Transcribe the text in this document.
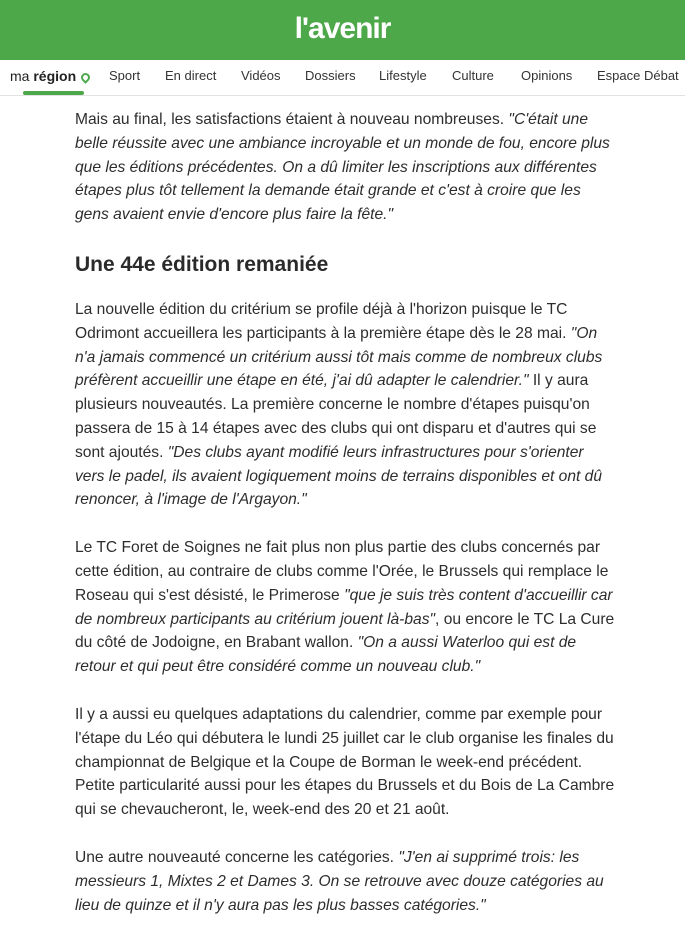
l'avenir
ma région	Sport En direct Vidéos Dossiers Lifestyle Culture Opinions Espace Débat

Mais au final, les satisfactions étaient à nouveau nombreuses. "C'était une belle réussite avec une ambiance incroyable et un monde de fou, encore plus que les éditions précédentes. On a dû limiter les inscriptions aux différentes étapes plus tôt tellement la demande était grande et c'est à croire que les gens avaient envie d'encore plus faire la fête."

Une 44e édition remaniée

La nouvelle édition du critérium se profile déjà à l'horizon puisque le TC Odrimont accueillera les participants à la première étape dès le 28 mai. "On n'a jamais commencé un critérium aussi tôt mais comme de nombreux clubs préfèrent accueillir une étape en été, j'ai dû adapter le calendrier." Il y aura plusieurs nouveautés. La première concerne le nombre d'étapes puisqu'on passera de 15 à 14 étapes avec des clubs qui ont disparu et d'autres qui se sont ajoutés. "Des clubs ayant modifié leurs infrastructures pour s'orienter vers le padel, ils avaient logiquement moins de terrains disponibles et ont dû renoncer, à l'image de l'Argayon."

Le TC Foret de Soignes ne fait plus non plus partie des clubs concernés par cette édition, au contraire de clubs comme l'Orée, le Brussels qui remplace le Roseau qui s'est désisté, le Primerose "que je suis très content d'accueillir car de nombreux participants au critérium jouent là-bas", ou encore le TC La Cure du côté de Jodoigne, en Brabant wallon. "On a aussi Waterloo qui est de retour et qui peut être considéré comme un nouveau club."

Il y a aussi eu quelques adaptations du calendrier, comme par exemple pour l'étape du Léo qui débutera le lundi 25 juillet car le club organise les finales du championnat de Belgique et la Coupe de Borman le week-end précédent. Petite particularité aussi pour les étapes du Brussels et du Bois de La Cambre qui se chevaucheront, le, week-end des 20 et 21 août.

Une autre nouveauté concerne les catégories. "J'en ai supprimé trois: les messieurs 1, Mixtes 2 et Dames 3. On se retrouve avec douze catégories au lieu de quinze et il n'y aura pas les plus basses catégories."
